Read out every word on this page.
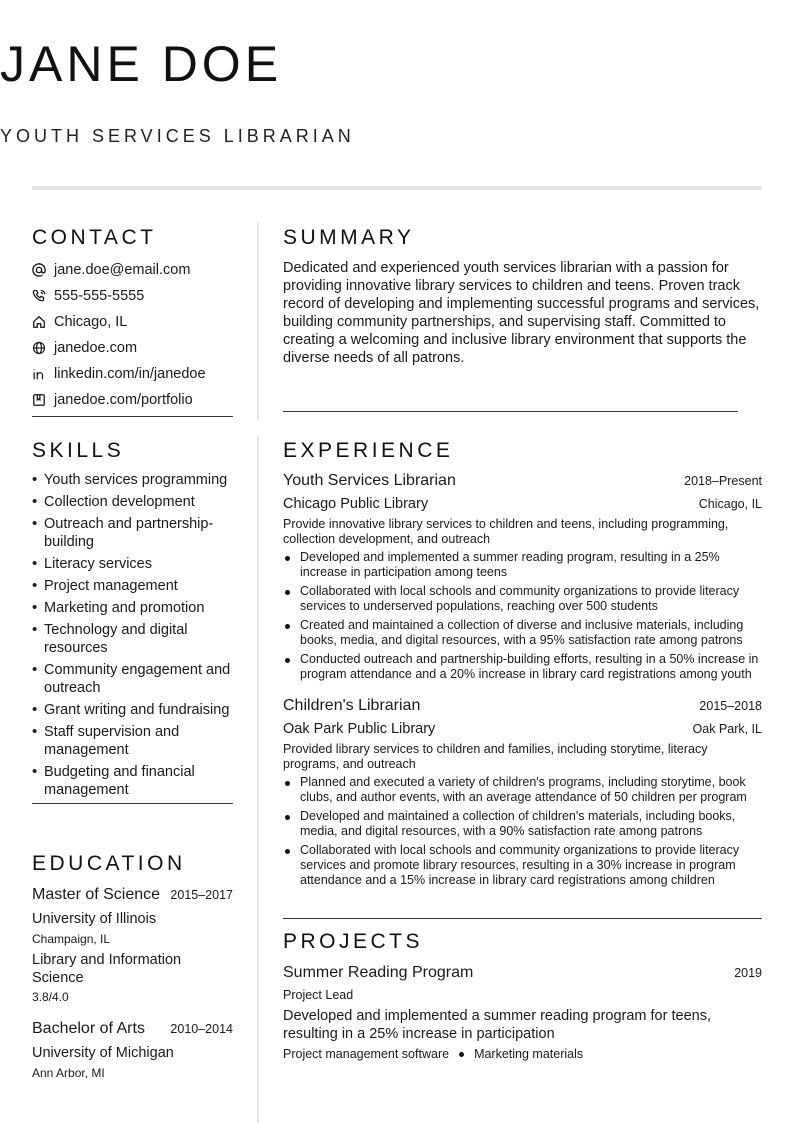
JANE DOE
YOUTH SERVICES LIBRARIAN
CONTACT
jane.doe@email.com
555-555-5555
Chicago, IL
janedoe.com
linkedin.com/in/janedoe
janedoe.com/portfolio
SKILLS
• Youth services programming
• Collection development
• Outreach and partnership-building
• Literacy services
• Project management
• Marketing and promotion
• Technology and digital resources
• Community engagement and outreach
• Grant writing and fundraising
• Staff supervision and management
• Budgeting and financial management
EDUCATION
Master of Science 2015–2017
University of Illinois
Champaign, IL
Library and Information Science
3.8/4.0
Bachelor of Arts 2010–2014
University of Michigan
Ann Arbor, MI
SUMMARY

Dedicated and experienced youth services librarian with a passion for providing innovative library services to children and teens. Proven track record of developing and implementing successful programs and services, building community partnerships, and supervising staff. Committed to creating a welcoming and inclusive library environment that supports the diverse needs of all patrons.

EXPERIENCE
Youth Services Librarian	2018–Present
Chicago Public Library	Chicago, IL
Provide innovative library services to children and teens, including programming, collection development, and outreach
Developed and implemented a summer reading program, resulting in a 25% increase in participation among teens
Collaborated with local schools and community organizations to provide literacy services to underserved populations, reaching over 500 students
Created and maintained a collection of diverse and inclusive materials, including books, media, and digital resources, with a 95% satisfaction rate among patrons
Conducted outreach and partnership-building efforts, resulting in a 50% increase in program attendance and a 20% increase in library card registrations among youth
Children's Librarian	2015–2018
Oak Park Public Library	Oak Park, IL
Provided library services to children and families, including storytime, literacy programs, and outreach
Planned and executed a variety of children's programs, including storytime, book clubs, and author events, with an average attendance of 50 children per program
Developed and maintained a collection of children's materials, including books, media, and digital resources, with a 90% satisfaction rate among patrons
Collaborated with local schools and community organizations to provide literacy services and promote library resources, resulting in a 30% increase in program attendance and a 15% increase in library card registrations among children
PROJECTS
Summer Reading Program	2019
Project Lead
Developed and implemented a summer reading program for teens, resulting in a 25% increase in participation
Project management software Marketing materials
